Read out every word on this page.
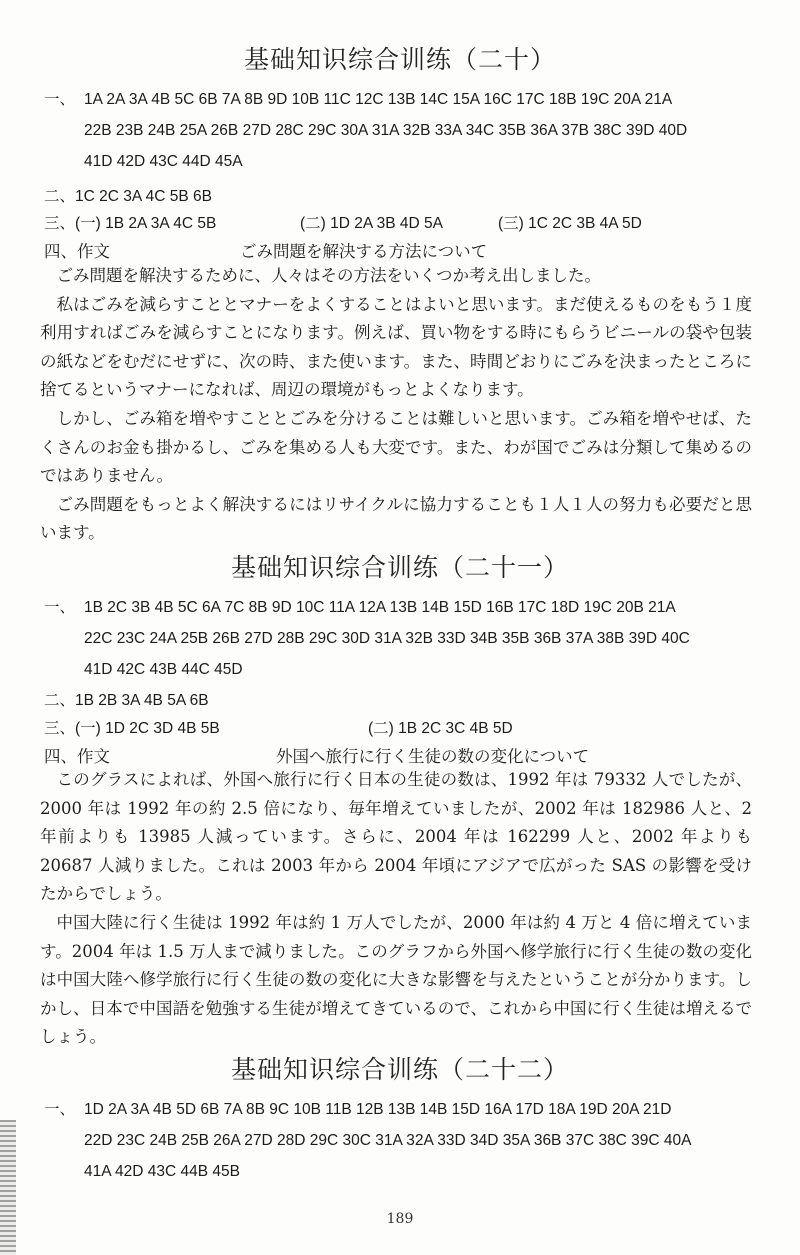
基础知识综合训练（二十）
一、 1A 2A 3A 4B 5C 6B 7A 8B 9D 10B 11C 12C 13B 14C 15A 16C 17C 18B 19C 20A 21A
22B 23B 24B 25A 26B 27D 28C 29C 30A 31A 32B 33A 34C 35B 36A 37B 38C 39D 40D
41D 42D 43C 44D 45A
二、1C 2C 3A 4C 5B 6B
三、(一) 1B 2A 3A 4C 5B	(二) 1D 2A 3B 4D 5A	(三) 1C 2C 3B 4A 5D
四、作文	ごみ問題を解決する方法について

ごみ問題を解決するために、人々はその方法をいくつか考え出しました。

私はごみを減らすこととマナーをよくすることはよいと思います。まだ使えるものをもう１度利用すればごみを減らすことになります。例えば、買い物をする時にもらうビニールの袋や包装の紙などをむだにせずに、次の時、また使います。また、時間どおりにごみを決まったところに捨てるというマナーになれば、周辺の環境がもっとよくなります。

しかし、ごみ箱を増やすこととごみを分けることは難しいと思います。ごみ箱を増やせば、たくさんのお金も掛かるし、ごみを集める人も大変です。また、わが国でごみは分類して集めるのではありません。

ごみ問題をもっとよく解決するにはリサイクルに協力することも１人１人の努力も必要だと思います。

基础知识综合训练（二十一）
一、 1B 2C 3B 4B 5C 6A 7C 8B 9D 10C 11A 12A 13B 14B 15D 16B 17C 18D 19C 20B 21A
22C 23C 24A 25B 26B 27D 28B 29C 30D 31A 32B 33D 34B 35B 36B 37A 38B 39D 40C
41D 42C 43B 44C 45D
二、1B 2B 3A 4B 5A 6B
三、(一) 1D 2C 3D 4B 5B	(二) 1B 2C 3C 4B 5D
四、作文	外国へ旅行に行く生徒の数の変化について

このグラスによれば、外国へ旅行に行く日本の生徒の数は、1992 年は 79332 人でしたが、2000 年は 1992 年の約 2.5 倍になり、毎年増えていましたが、2002 年は 182986 人と、2 年前よりも 13985 人減っています。さらに、2004 年は 162299 人と、2002 年よりも 20687 人減りました。これは 2003 年から 2004 年頃にアジアで広がった SAS の影響を受けたからでしょう。

中国大陸に行く生徒は 1992 年は約 1 万人でしたが、2000 年は約 4 万と 4 倍に増えています。2004 年は 1.5 万人まで減りました。このグラフから外国へ修学旅行に行く生徒の数の変化は中国大陸へ修学旅行に行く生徒の数の変化に大きな影響を与えたということが分かります。しかし、日本で中国語を勉強する生徒が増えてきているので、これから中国に行く生徒は増えるでしょう。

基础知识综合训练（二十二）
一、 1D 2A 3A 4B 5D 6B 7A 8B 9C 10B 11B 12B 13B 14B 15D 16A 17D 18A 19D 20A 21D
22D 23C 24B 25B 26A 27D 28D 29C 30C 31A 32A 33D 34D 35A 36B 37C 38C 39C 40A
41A 42D 43C 44B 45B
189
